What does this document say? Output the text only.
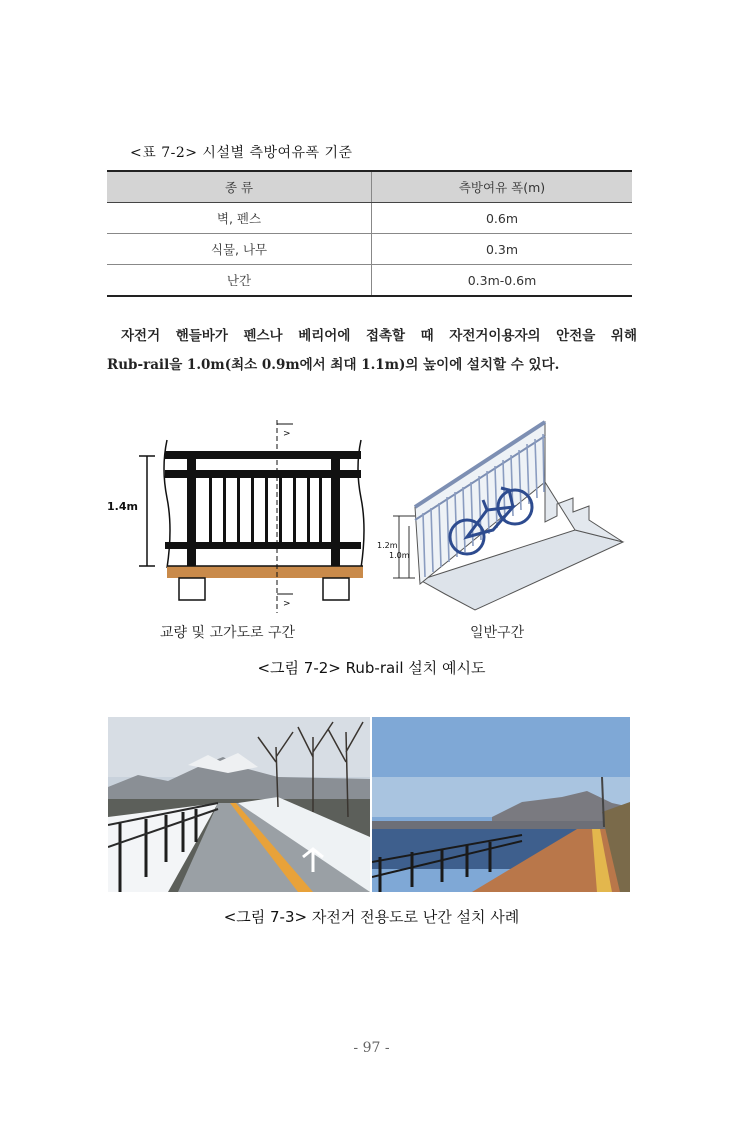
<표 7-2> 시설별 측방여유폭 기준
종 류	측방여유 폭(m)
벽, 펜스	0.6m
식물, 나무	0.3m
난간	0.3m-0.6m
자전거 핸들바가 펜스나 베리어에 접촉할 때 자전거이용자의 안전을 위해
Rub-rail을 1.0m(최소 0.9m에서 최대 1.1m)의 높이에 설치할 수 있다.
1.4m
>
>
1.2m
1.0m
교량 및 고가도로 구간	일반구간
<그림 7-2> Rub-rail 설치 예시도
<그림 7-3> 자전거 전용도로 난간 설치 사례
- 97 -
